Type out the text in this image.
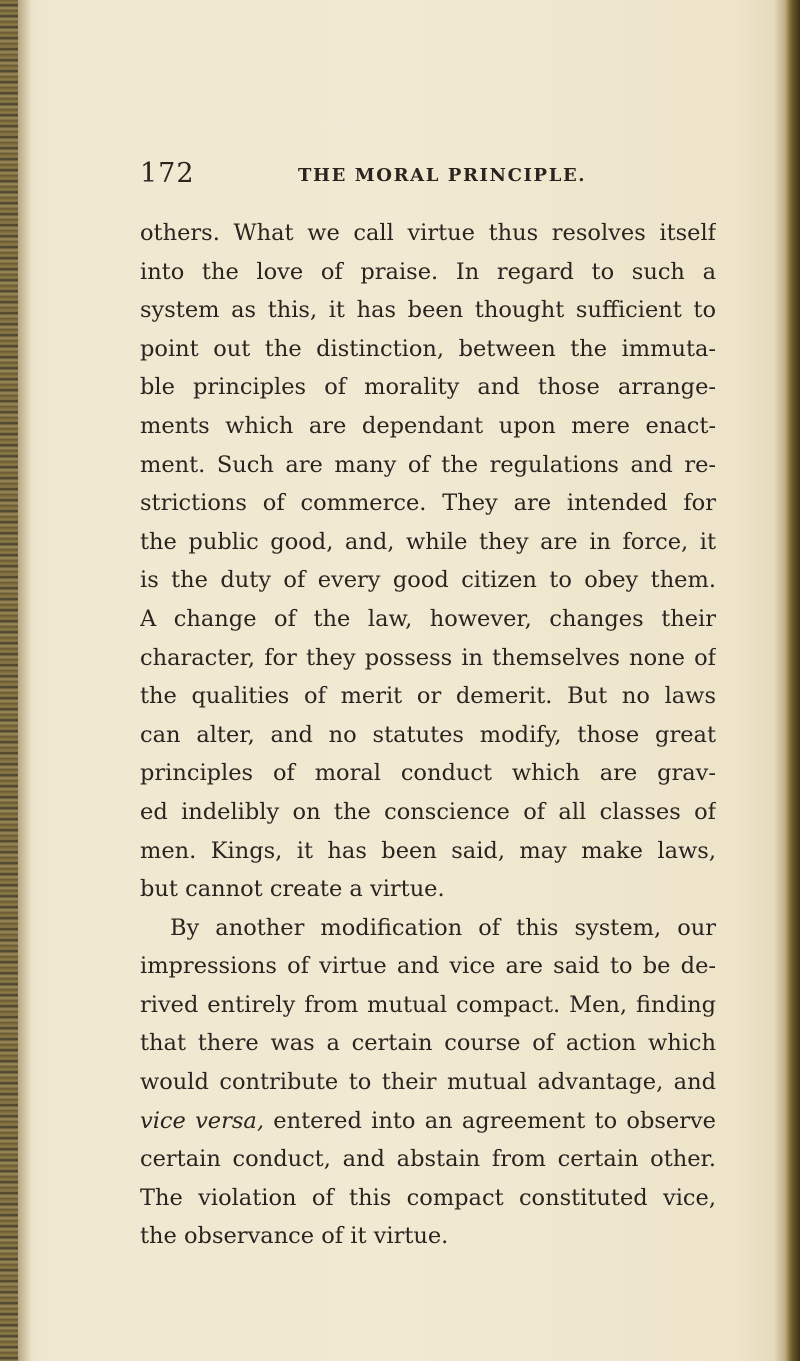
172	THE MORAL PRINCIPLE.
others. What we call virtue thus resolves itself
into the love of praise. In regard to such a
system as this, it has been thought sufficient to
point out the distinction, between the immuta-
ble principles of morality and those arrange-
ments which are dependant upon mere enact-
ment. Such are many of the regulations and re-
strictions of commerce. They are intended for
the public good, and, while they are in force, it
is the duty of every good citizen to obey them.
A change of the law, however, changes their
character, for they possess in themselves none of
the qualities of merit or demerit. But no laws
can alter, and no statutes modify, those great
principles of moral conduct which are grav-
ed indelibly on the conscience of all classes of
men. Kings, it has been said, may make laws,
but cannot create a virtue.
By another modification of this system, our
impressions of virtue and vice are said to be de-
rived entirely from mutual compact. Men, finding
that there was a certain course of action which
would contribute to their mutual advantage, and
vice versa, entered into an agreement to observe
certain conduct, and abstain from certain other.
The violation of this compact constituted vice,
the observance of it virtue.
